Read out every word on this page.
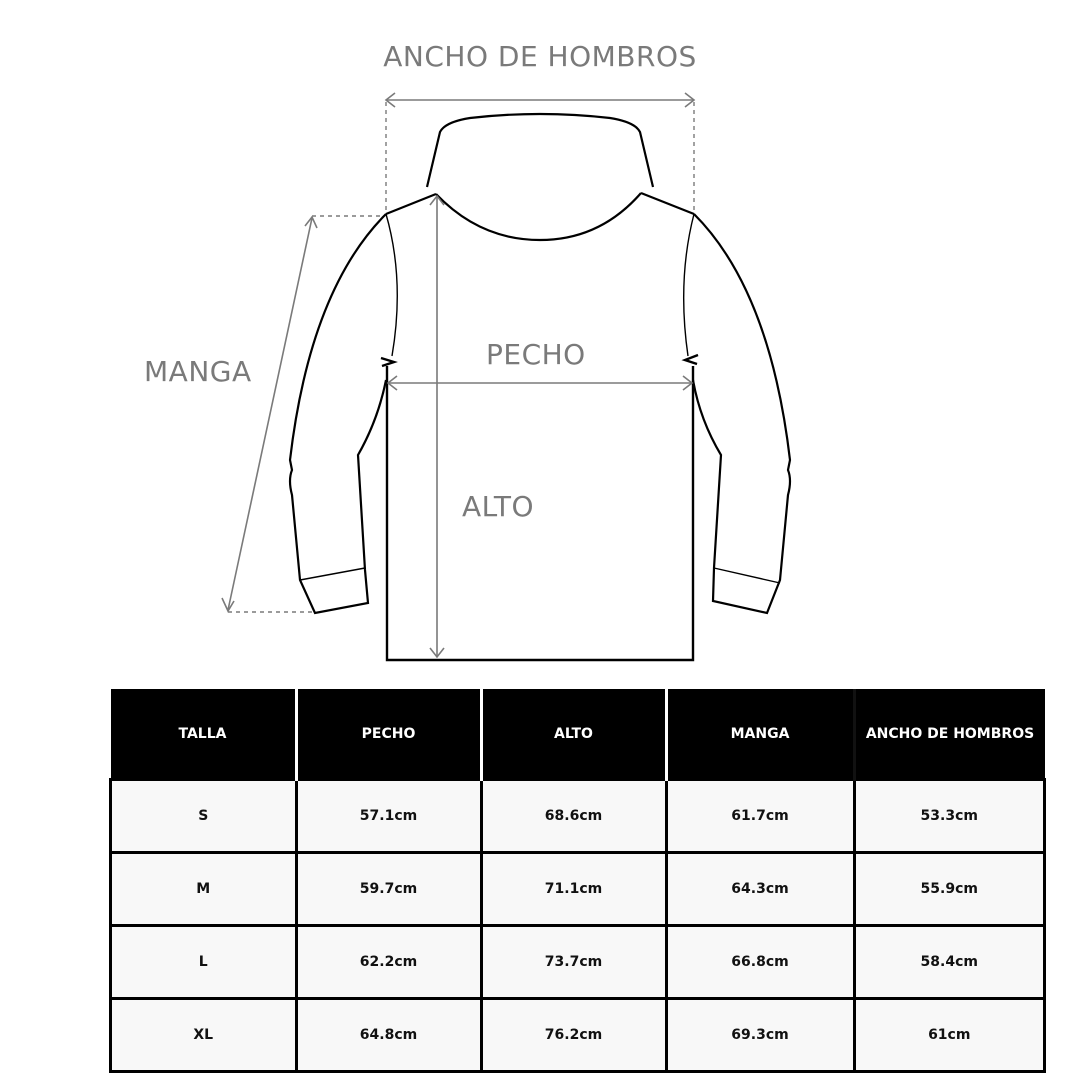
ANCHO DE HOMBROS
MANGA
PECHO
ALTO
TALLA	PECHO	ALTO	MANGA	ANCHO DE HOMBROS
S	57.1cm	68.6cm	61.7cm	53.3cm
M	59.7cm	71.1cm	64.3cm	55.9cm
L	62.2cm	73.7cm	66.8cm	58.4cm
XL	64.8cm	76.2cm	69.3cm	61cm
